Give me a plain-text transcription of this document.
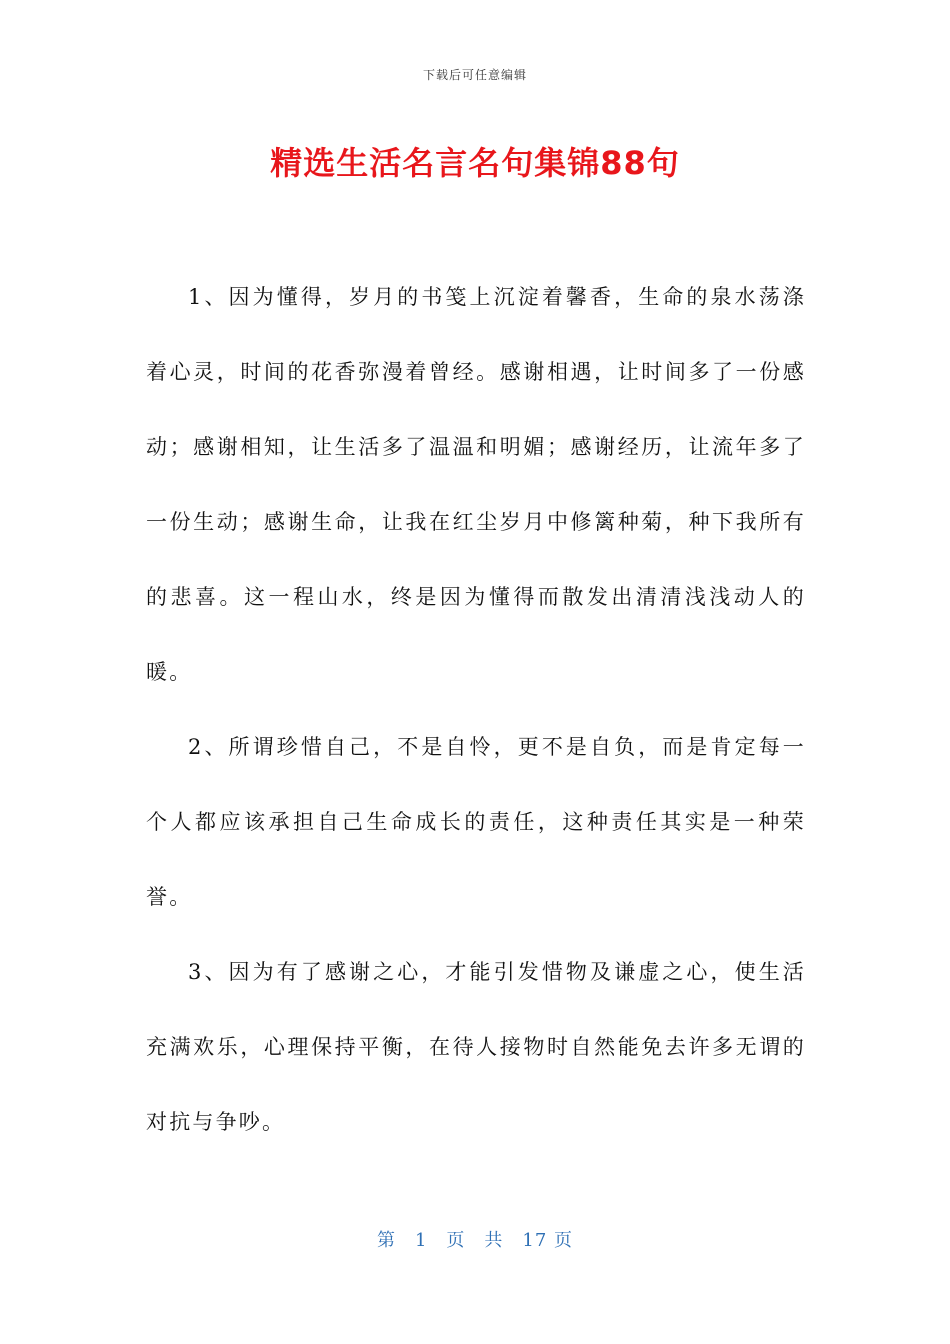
下载后可任意编辑
精选生活名言名句集锦88句

1、因为懂得，岁月的书笺上沉淀着馨香，生命的泉水荡涤着心灵，时间的花香弥漫着曾经。感谢相遇，让时间多了一份感动；感谢相知，让生活多了温温和明媚；感谢经历，让流年多了一份生动；感谢生命，让我在红尘岁月中修篱种菊，种下我所有的悲喜。这一程山水，终是因为懂得而散发出清清浅浅动人的暖。

2、所谓珍惜自己，不是自怜，更不是自负，而是肯定每一个人都应该承担自己生命成长的责任，这种责任其实是一种荣誉。

3、因为有了感谢之心，才能引发惜物及谦虚之心，使生活充满欢乐，心理保持平衡，在待人接物时自然能免去许多无谓的对抗与争吵。

第　1　页　共　17 页
